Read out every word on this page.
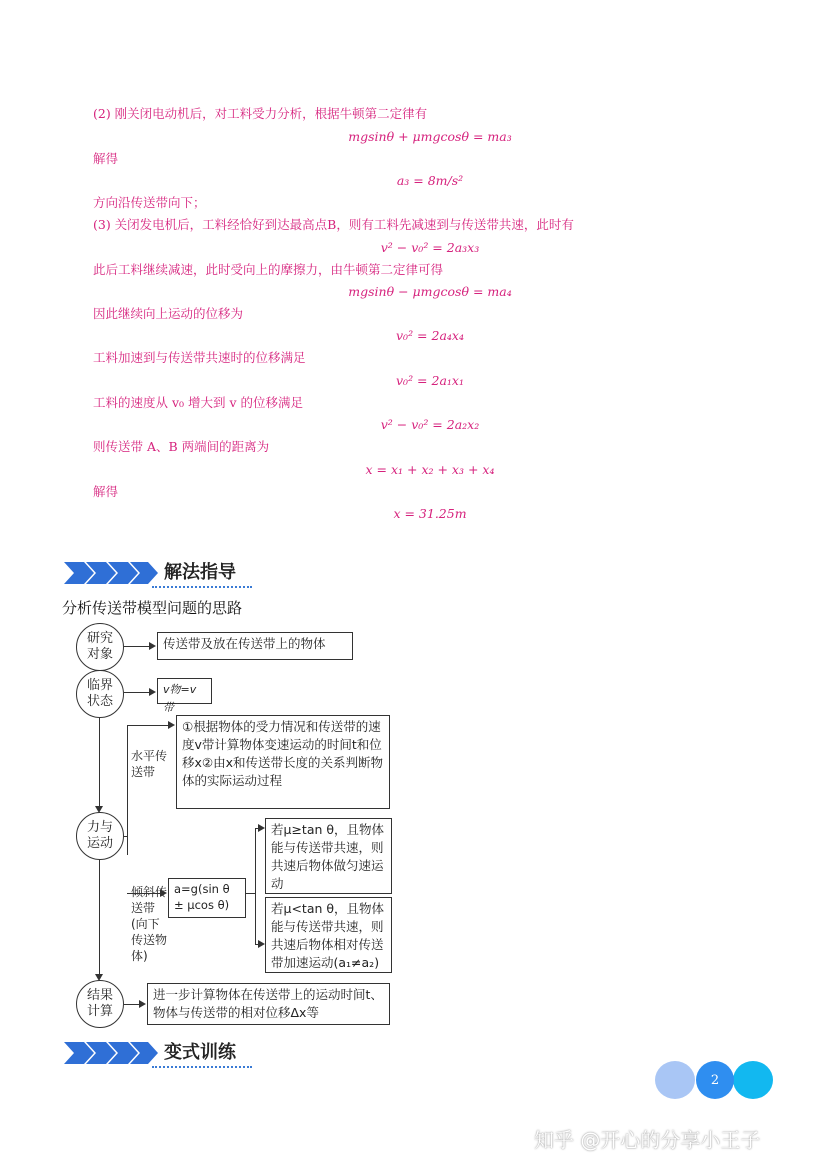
(2) 刚关闭电动机后，对工料受力分析，根据牛顿第二定律有
mgsinθ + μmgcosθ = ma₃
解得
a₃ = 8m/s²
方向沿传送带向下；
(3) 关闭发电机后，工料经恰好到达最高点B，则有工料先减速到与传送带共速，此时有
v² − v₀² = 2a₃x₃
此后工料继续减速，此时受向上的摩擦力，由牛顿第二定律可得
mgsinθ − μmgcosθ = ma₄
因此继续向上运动的位移为
v₀² = 2a₄x₄
工料加速到与传送带共速时的位移满足
v₀² = 2a₁x₁
工料的速度从 v₀ 增大到 v 的位移满足
v² − v₀² = 2a₂x₂
则传送带 A、B 两端间的距离为
x = x₁ + x₂ + x₃ + x₄
解得
x = 31.25m
解法指导
分析传送带模型问题的思路
研究对象
临界状态
力与运动
结果计算
传送带及放在传送带上的物体
v物=v带
水平传送带
①根据物体的受力情况和传送带的速度v带计算物体变速运动的时间t和位移x②由x和传送带长度的关系判断物体的实际运动过程
倾斜传送带(向下传送物体)
a=g(sin θ ± μcos θ)
若μ≥tan θ，且物体能与传送带共速，则共速后物体做匀速运动
若μ<tan θ，且物体能与传送带共速，则共速后物体相对传送带加速运动(a₁≠a₂)
进一步计算物体在传送带上的运动时间t、物体与传送带的相对位移Δx等
变式训练
2
知乎 @开心的分享小王子
